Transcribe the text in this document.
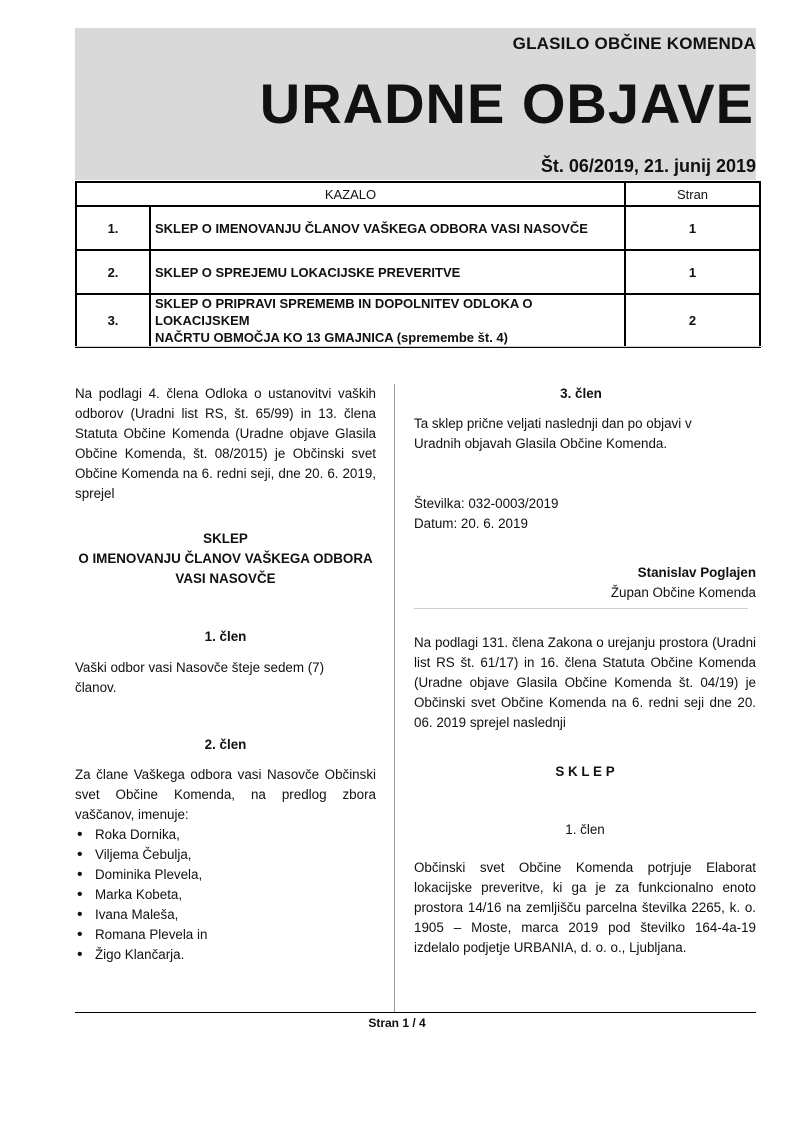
GLASILO OBČINE KOMENDA
URADNE OBJAVE
Št. 06/2019, 21. junij 2019
KAZALO		Stran
1.	SKLEP O IMENOVANJU ČLANOV VAŠKEGA ODBORA VASI NASOVČE	1
2.	SKLEP O SPREJEMU LOKACIJSKE PREVERITVE	1
3.	SKLEP O PRIPRAVI SPREMEMB IN DOPOLNITEV ODLOKA O LOKACIJSKEM
NAČRTU OBMOČJA KO 13 GMAJNICA (spremembe št. 4)	2
Na podlagi 4. člena Odloka o ustanovitvi vaških odborov (Uradni list RS, št. 65/99) in 13. člena Statuta Občine Komenda (Uradne objave Glasila Občine Komenda, št. 08/2015) je Občinski svet Občine Komenda na 6. redni seji, dne 20. 6. 2019, sprejel
SKLEP
O IMENOVANJU ČLANOV VAŠKEGA ODBORA
VASI NASOVČE
1. člen
Vaški odbor vasi Nasovče šteje sedem (7) članov.
2. člen
Za člane Vaškega odbora vasi Nasovče Občinski svet Občine Komenda, na predlog zbora vaščanov, imenuje:
• Roka Dornika,
• Viljema Čebulja,
• Dominika Plevela,
• Marka Kobeta,
• Ivana Maleša,
• Romana Plevela in
• Žigo Klančarja.
3. člen
Ta sklep prične veljati naslednji dan po objavi v Uradnih objavah Glasila Občine Komenda.
Številka: 032-0003/2019
Datum: 20. 6. 2019
Stanislav Poglajen
Župan Občine Komenda
Na podlagi 131. člena Zakona o urejanju prostora (Uradni list RS št. 61/17) in 16. člena Statuta Občine Komenda (Uradne objave Glasila Občine Komenda št. 04/19) je Občinski svet Občine Komenda na 6. redni seji dne 20. 06. 2019 sprejel naslednji
S K L E P
1. člen
Občinski svet Občine Komenda potrjuje Elaborat lokacijske preveritve, ki ga je za funkcionalno enoto prostora 14/16 na zemljišču parcelna številka 2265, k. o. 1905 – Moste, marca 2019 pod številko 164-4a-19 izdelalo podjetje URBANIA, d. o. o., Ljubljana.
Stran 1 / 4
